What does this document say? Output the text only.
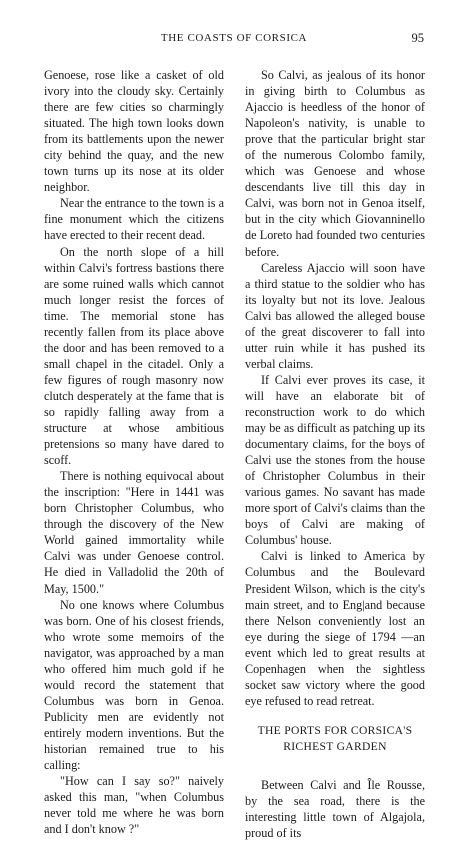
THE COASTS OF CORSICA	95

Genoese, rose like a casket of old ivory into the cloudy sky. Certainly there are few cities so charmingly situated. The high town looks down from its battlements upon the newer city behind the quay, and the new town turns up its nose at its older neighbor.

Near the entrance to the town is a fine monument which the citizens have erected to their recent dead.

On the north slope of a hill within Calvi's fortress bastions there are some ruined walls which cannot much longer resist the forces of time. The memorial stone has recently fallen from its place above the door and has been removed to a small chapel in the citadel. Only a few figures of rough masonry now clutch desperately at the fame that is so rapidly falling away from a structure at whose ambitious pretensions so many have dared to scoff.

There is nothing equivocal about the inscription: "Here in 1441 was born Christopher Columbus, who through the discovery of the New World gained immortality while Calvi was under Genoese control. He died in Valladolid the 20th of May, 1500."

No one knows where Columbus was born. One of his closest friends, who wrote some memoirs of the navigator, was approached by a man who offered him much gold if he would record the statement that Columbus was born in Genoa. Publicity men are evidently not entirely modern inventions. But the historian remained true to his calling:

"How can I say so?" naively asked this man, "when Columbus never told me where he was born and I don't know ?"

So Calvi, as jealous of its honor in giving birth to Columbus as Ajaccio is heedless of the honor of Napoleon's nativity, is unable to prove that the particular bright star of the numerous Colombo family, which was Genoese and whose descendants live till this day in Calvi, was born not in Genoa itself, but in the city which Giovanninello de Loreto had founded two centuries before.

Careless Ajaccio will soon have a third statue to the soldier who has its loyalty but not its love. Jealous Calvi bas allowed the alleged bouse of the great discoverer to fall into utter ruin while it has pushed its verbal claims.

If Calvi ever proves its case, it will have an elaborate bit of reconstruction work to do which may be as difficult as patching up its documentary claims, for the boys of Calvi use the stones from the house of Christopher Columbus in their various games. No savant has made more sport of Calvi's claims than the boys of Calvi are making of Columbus' house.

Calvi is linked to America by Columbus and the Boulevard President Wilson, which is the city's main street, and to Eng|and because there Nelson conveniently lost an eye during the siege of 1794 —an event which led to great results at Copenhagen when the sightless socket saw victory where the good eye refused to read retreat.

THE PORTS FOR CORSICA'S
RICHEST GARDEN

Between Calvi and Île Rousse, by the sea road, there is the interesting little town of Algajola, proud of its
